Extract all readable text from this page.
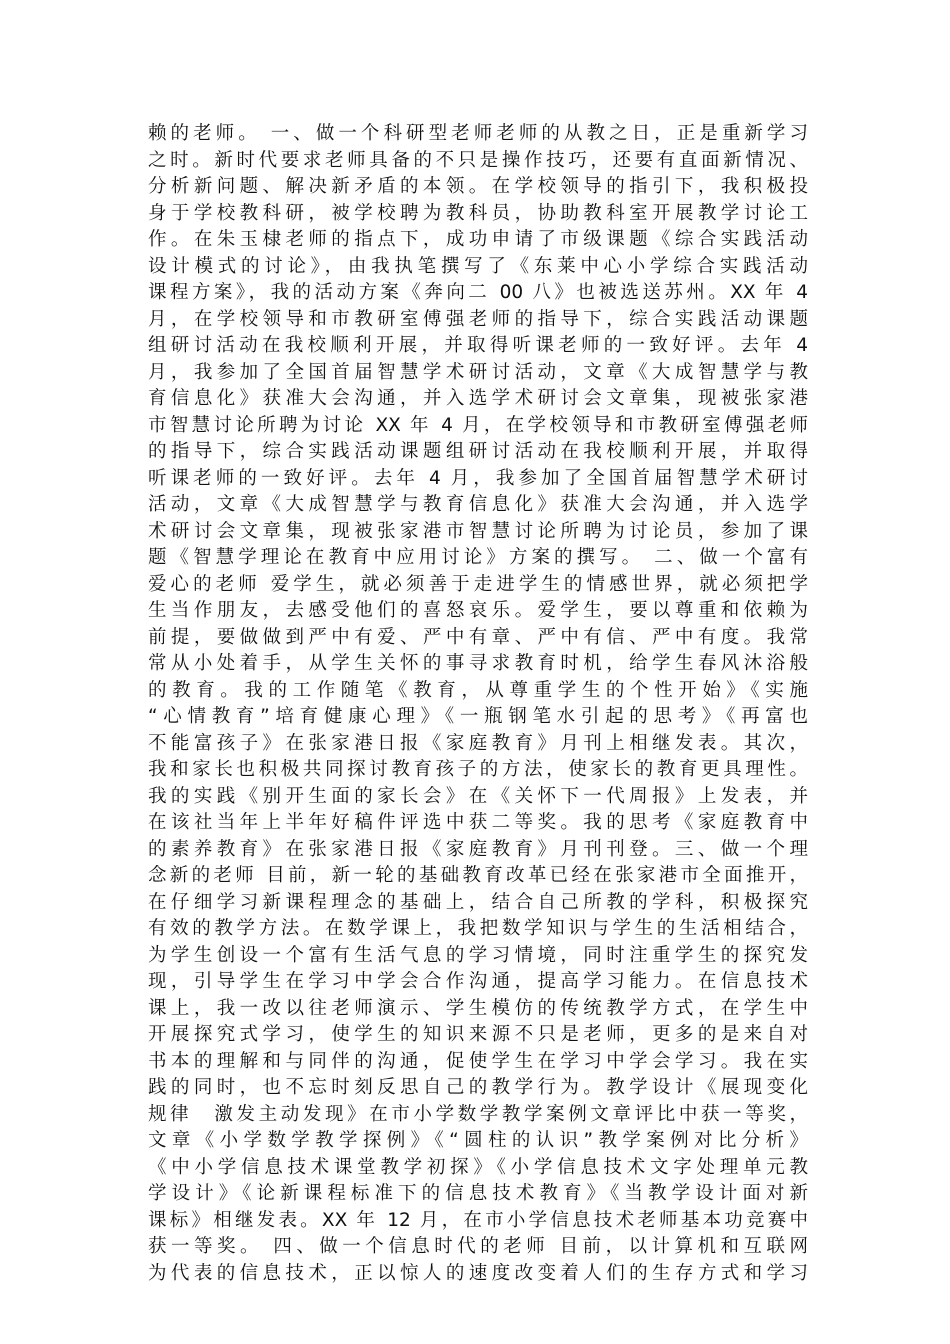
赖的老师。 一、做一个科研型老师老师的从教之日，正是重新学习
之时。新时代要求老师具备的不只是操作技巧，还要有直面新情况、
分析新问题、解决新矛盾的本领。在学校领导的指引下，我积极投
身于学校教科研，被学校聘为教科员，协助教科室开展教学讨论工
作。在朱玉棣老师的指点下，成功申请了市级课题《综合实践活动
设计模式的讨论》，由我执笔撰写了《东莱中心小学综合实践活动
课程方案》，我的活动方案《奔向二 00 八》也被选送苏州。XX 年 4
月，在学校领导和市教研室傅强老师的指导下，综合实践活动课题
组研讨活动在我校顺利开展，并取得听课老师的一致好评。去年 4
月，我参加了全国首届智慧学术研讨活动，文章《大成智慧学与教
育信息化》获准大会沟通，并入选学术研讨会文章集，现被张家港
市智慧讨论所聘为讨论 XX 年 4 月，在学校领导和市教研室傅强老师
的指导下，综合实践活动课题组研讨活动在我校顺利开展，并取得
听课老师的一致好评。去年 4 月，我参加了全国首届智慧学术研讨
活动，文章《大成智慧学与教育信息化》获准大会沟通，并入选学
术研讨会文章集，现被张家港市智慧讨论所聘为讨论员，参加了课
题《智慧学理论在教育中应用讨论》方案的撰写。 二、做一个富有
爱心的老师 爱学生，就必须善于走进学生的情感世界，就必须把学
生当作朋友，去感受他们的喜怒哀乐。爱学生，要以尊重和依赖为
前提，要做做到严中有爱、严中有章、严中有信、严中有度。我常
常从小处着手，从学生关怀的事寻求教育时机，给学生春风沐浴般
的教育。我的工作随笔《教育，从尊重学生的个性开始》《实施
“心情教育”培育健康心理》《一瓶钢笔水引起的思考》《再富也
不能富孩子》在张家港日报《家庭教育》月刊上相继发表。其次，
我和家长也积极共同探讨教育孩子的方法，使家长的教育更具理性。
我的实践《别开生面的家长会》在《关怀下一代周报》上发表，并
在该社当年上半年好稿件评选中获二等奖。我的思考《家庭教育中
的素养教育》在张家港日报《家庭教育》月刊刊登。三、做一个理
念新的老师 目前，新一轮的基础教育改革已经在张家港市全面推开，
在仔细学习新课程理念的基础上，结合自己所教的学科，积极探究
有效的教学方法。在数学课上，我把数学知识与学生的生活相结合，
为学生创设一个富有生活气息的学习情境，同时注重学生的探究发
现，引导学生在学习中学会合作沟通，提高学习能力。在信息技术
课上，我一改以往老师演示、学生模仿的传统教学方式，在学生中
开展探究式学习，使学生的知识来源不只是老师，更多的是来自对
书本的理解和与同伴的沟通，促使学生在学习中学会学习。我在实
践的同时，也不忘时刻反思自己的教学行为。教学设计《展现变化
规律　激发主动发现》在市小学数学教学案例文章评比中获一等奖，
文章《小学数学教学探例》《“圆柱的认识”教学案例对比分析》
《中小学信息技术课堂教学初探》《小学信息技术文字处理单元教
学设计》《论新课程标准下的信息技术教育》《当教学设计面对新
课标》相继发表。XX 年 12 月，在市小学信息技术老师基本功竞赛中
获一等奖。 四、做一个信息时代的老师 目前，以计算机和互联网
为代表的信息技术，正以惊人的速度改变着人们的生存方式和学习
